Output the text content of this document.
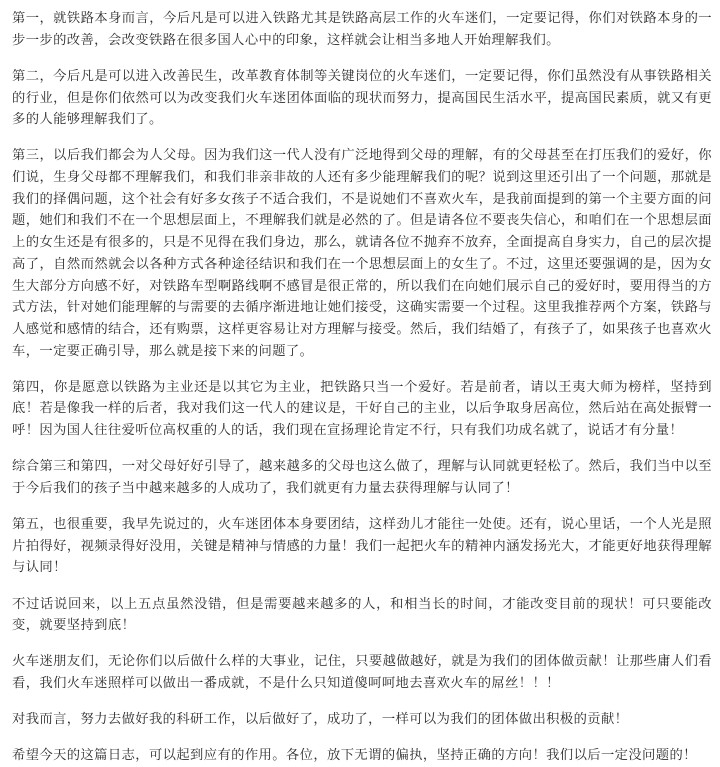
第一，就铁路本身而言，今后凡是可以进入铁路尤其是铁路高层工作的火车迷们，一定要记得，你们对铁路本身的一步一步的改善，会改变铁路在很多国人心中的印象，这样就会让相当多地人开始理解我们。

第二，今后凡是可以进入改善民生，改革教育体制等关键岗位的火车迷们，一定要记得，你们虽然没有从事铁路相关的行业，但是你们依然可以为改变我们火车迷团体面临的现状而努力，提高国民生活水平，提高国民素质，就又有更多的人能够理解我们了。

第三，以后我们都会为人父母。因为我们这一代人没有广泛地得到父母的理解，有的父母甚至在打压我们的爱好，你们说，生身父母都不理解我们，和我们非亲非故的人还有多少能理解我们的呢？说到这里还引出了一个问题，那就是我们的择偶问题，这个社会有好多女孩子不适合我们，不是说她们不喜欢火车，是我前面提到的第一个主要方面的问题，她们和我们不在一个思想层面上，不理解我们就是必然的了。但是请各位不要丧失信心，和咱们在一个思想层面上的女生还是有很多的，只是不见得在我们身边，那么，就请各位不抛弃不放弃，全面提高自身实力，自己的层次提高了，自然而然就会以各种方式各种途径结识和我们在一个思想层面上的女生了。不过，这里还要强调的是，因为女生大部分方向感不好，对铁路车型啊路线啊不感冒是很正常的，所以我们在向她们展示自己的爱好时，要用得当的方式方法，针对她们能理解的与需要的去循序渐进地让她们接受，这确实需要一个过程。这里我推荐两个方案，铁路与人感觉和感情的结合，还有购票，这样更容易让对方理解与接受。然后，我们结婚了，有孩子了，如果孩子也喜欢火车，一定要正确引导，那么就是接下来的问题了。

第四，你是愿意以铁路为主业还是以其它为主业，把铁路只当一个爱好。若是前者，请以王夷大师为榜样，坚持到底！若是像我一样的后者，我对我们这一代人的建议是，干好自己的主业，以后争取身居高位，然后站在高处振臂一呼！因为国人往往爱听位高权重的人的话，我们现在宣扬理论肯定不行，只有我们功成名就了，说话才有分量！

综合第三和第四，一对父母好好引导了，越来越多的父母也这么做了，理解与认同就更轻松了。然后，我们当中以至于今后我们的孩子当中越来越多的人成功了，我们就更有力量去获得理解与认同了！

第五，也很重要，我早先说过的，火车迷团体本身要团结，这样劲儿才能往一处使。还有，说心里话，一个人光是照片拍得好，视频录得好没用，关键是精神与情感的力量！我们一起把火车的精神内涵发扬光大，才能更好地获得理解与认同！

不过话说回来，以上五点虽然没错，但是需要越来越多的人，和相当长的时间，才能改变目前的现状！可只要能改变，就要坚持到底！

火车迷朋友们，无论你们以后做什么样的大事业，记住，只要越做越好，就是为我们的团体做贡献！让那些庸人们看看，我们火车迷照样可以做出一番成就，不是什么只知道傻呵呵地去喜欢火车的屌丝！！！

对我而言，努力去做好我的科研工作，以后做好了，成功了，一样可以为我们的团体做出积极的贡献！

希望今天的这篇日志，可以起到应有的作用。各位，放下无谓的偏执，坚持正确的方向！我们以后一定没问题的！
